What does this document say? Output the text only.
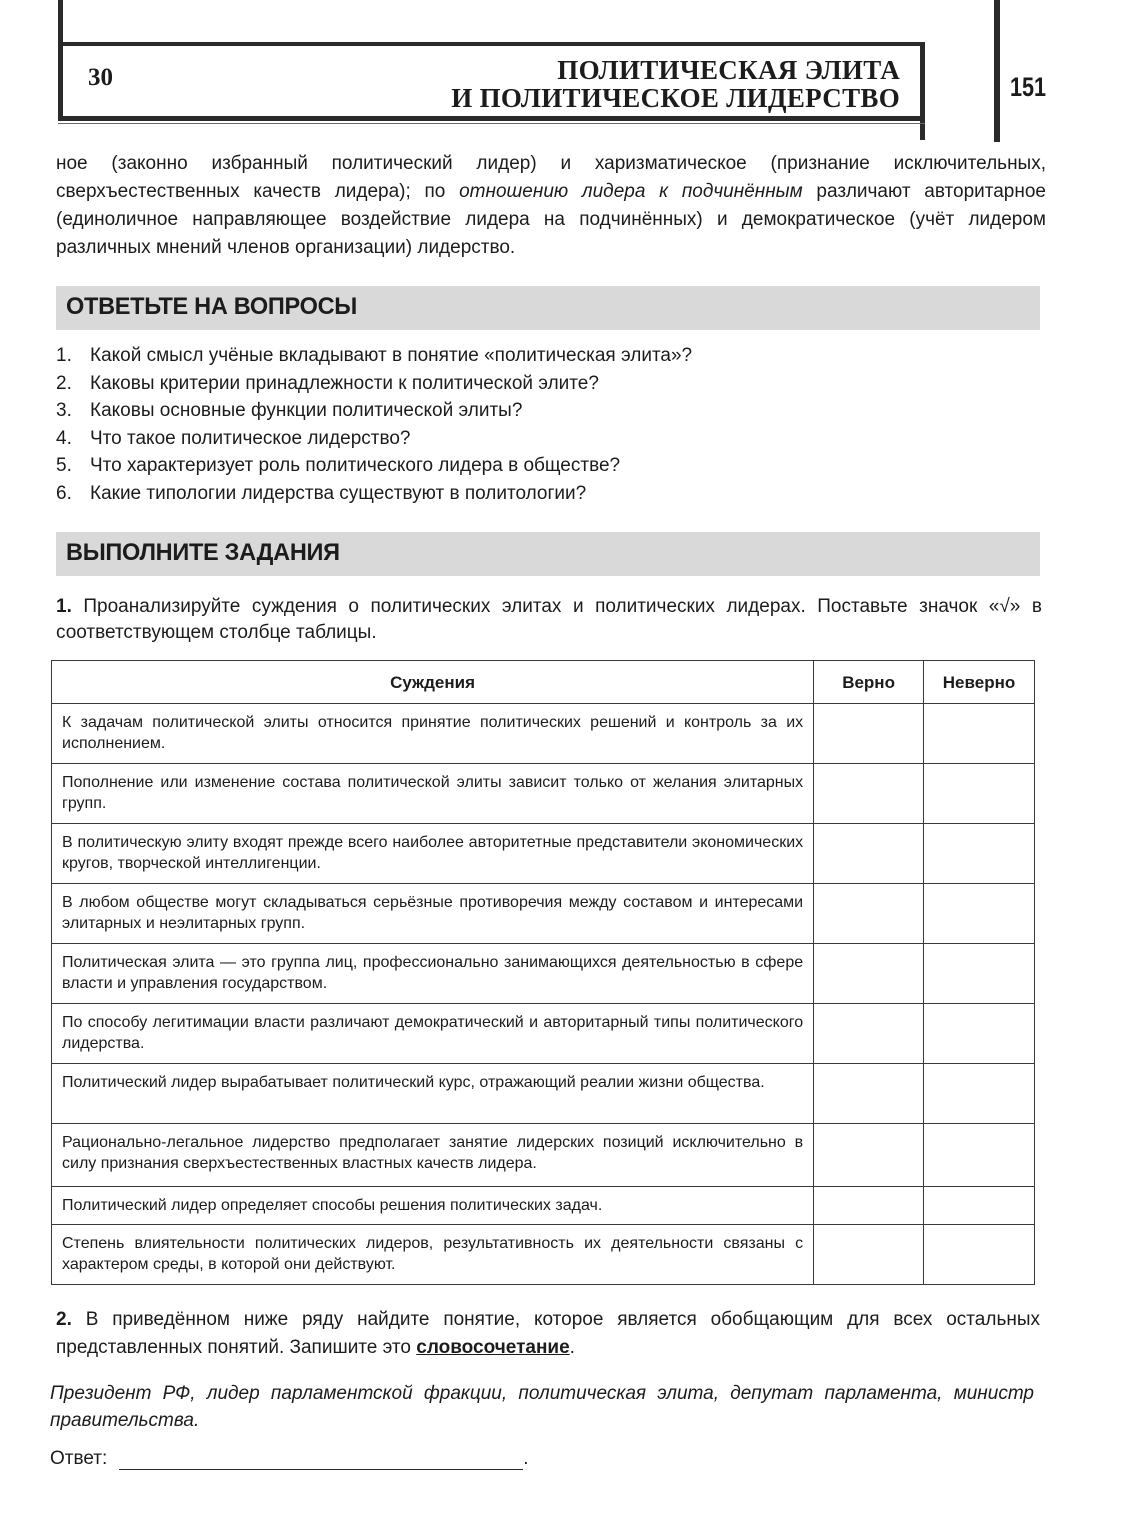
30	ПОЛИТИЧЕСКАЯ ЭЛИТА
И ПОЛИТИЧЕСКОЕ ЛИДЕРСТВО	151

ное (законно избранный политический лидер) и харизматическое (признание исключительных, сверхъестественных качеств лидера); по отношению лидера к подчинённым различают авторитарное (единоличное направляющее воздействие лидера на подчинённых) и демократическое (учёт лидером различных мнений членов организации) лидерство.

ОТВЕТЬТЕ НА ВОПРОСЫ
1. Какой смысл учёные вкладывают в понятие «политическая элита»?
2. Каковы критерии принадлежности к политической элите?
3. Каковы основные функции политической элиты?
4. Что такое политическое лидерство?
5. Что характеризует роль политического лидера в обществе?
6. Какие типологии лидерства существуют в политологии?
ВЫПОЛНИТЕ ЗАДАНИЯ

1. Проанализируйте суждения о политических элитах и политических лидерах. Поставьте значок «√» в соответствующем столбце таблицы.

Суждения	Верно	Неверно
К задачам политической элиты относится принятие политических решений и контроль за их исполнением.		
Пополнение или изменение состава политической элиты зависит только от желания элитарных групп.		
В политическую элиту входят прежде всего наиболее авторитетные представители экономических кругов, творческой интеллигенции.		
В любом обществе могут складываться серьёзные противоречия между составом и интересами элитарных и неэлитарных групп.		
Политическая элита — это группа лиц, профессионально занимающихся деятельностью в сфере власти и управления государством.		
По способу легитимации власти различают демократический и авторитарный типы политического лидерства.		
Политический лидер вырабатывает политический курс, отражающий реалии жизни общества.		
Рационально-легальное лидерство предполагает занятие лидерских позиций исключительно в силу признания сверхъестественных властных качеств лидера.		
Политический лидер определяет способы решения политических задач.		
Степень влиятельности политических лидеров, результативность их деятельности связаны с характером среды, в которой они действуют.		

2. В приведённом ниже ряду найдите понятие, которое является обобщающим для всех остальных представленных понятий. Запишите это словосочетание.

Президент РФ, лидер парламентской фракции, политическая элита, депутат парламента, министр правительства.

Ответ:	.
